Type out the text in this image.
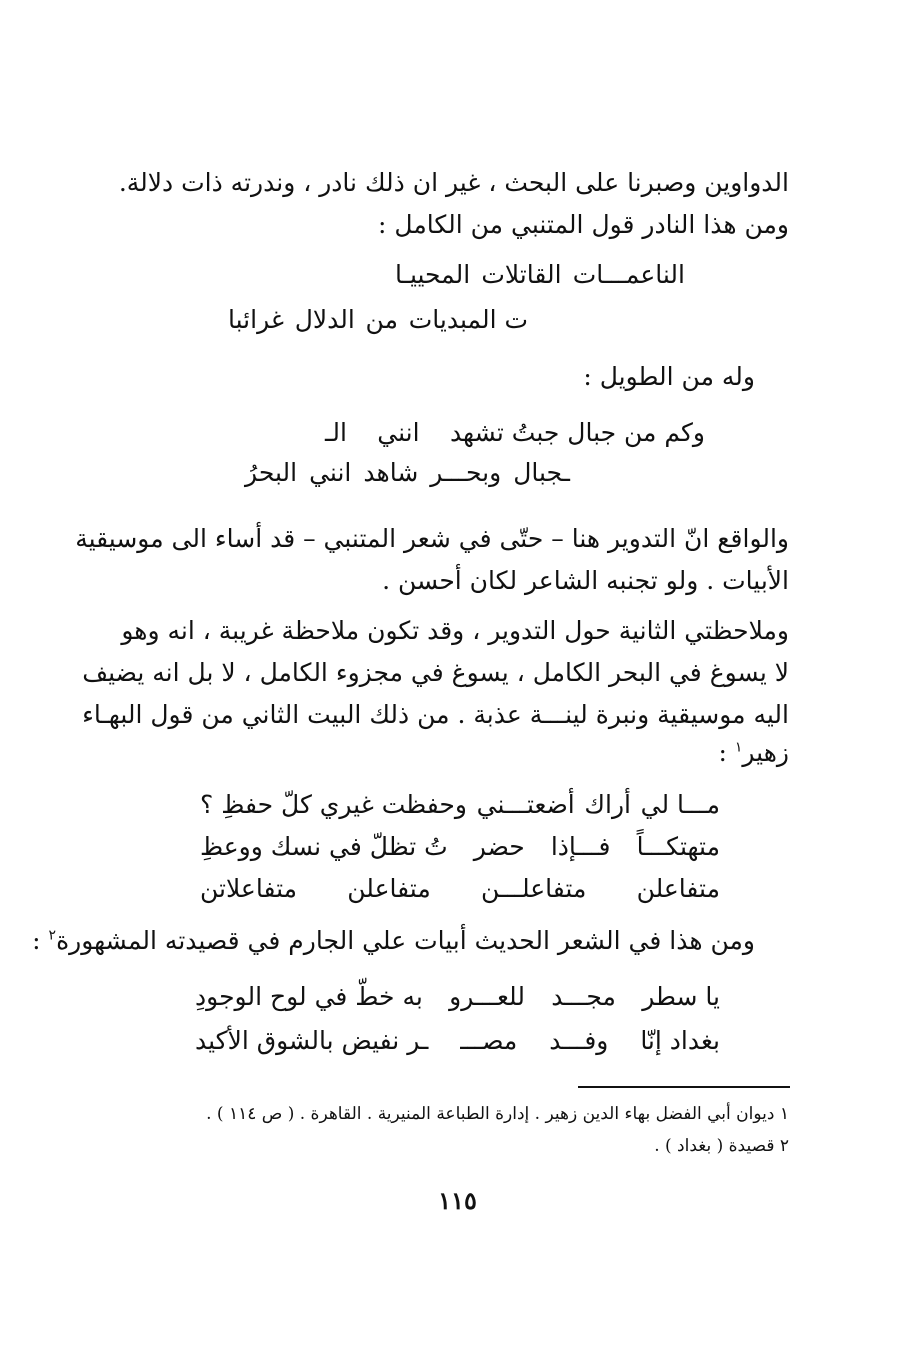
الدواوين وصبرنا على البحث ، غير ان ذلك نادر ، وندرته ذات دلالة.
ومن هذا النادر قول المتنبي من الكامل :
الناعمـــات
القاتلات
المحييـا
ت المبديات
من
الدلال
غرائبا
وله من الطويل :
وكم من جبال جبتُ تشهد
انني
الـ
ـجبال
وبحـــر
شاهد
انني
البحرُ
والواقع انّ التدوير هنا – حتّى في شعر المتنبي – قد أساء الى موسيقية
الأبيات . ولو تجنبه الشاعر لكان أحسن .
وملاحظتي الثانية حول التدوير ، وقد تكون ملاحظة غريبة ، انه وهو
لا يسوغ في البحر الكامل ، يسوغ في مجزوء الكامل ، لا بل انه يضيف
اليه موسيقية ونبرة لينـــة عذبة . من ذلك البيت الثاني من قول البهـاء
زهير$^١$ :
مـــا لي
أراك
أضعتـــني
وحفظت غيري كلّ حفظِ ؟
متهتكـــاً
فـــإذا
حضر
تُ تظلّ في نسك ووعظِ
متفاعلن
متفاعلـــن
متفاعلن
متفاعلاتن
ومن هذا في الشعر الحديث أبيات علي الجارم في قصيدته المشهورة$^٢$ :
يا سطر
مجـــد
للعـــرو
به خطّ في لوح الوجودِ
بغداد إنّا
وفـــد
مصـــ
ـر نفيض بالشوق الأكيد
١ ديوان أبي الفضل بهاء الدين زهير . إدارة الطباعة المنيرية . القاهرة . ( ص ١١٤ ) .
٢ قصيدة ( بغداد ) .
١١٥
